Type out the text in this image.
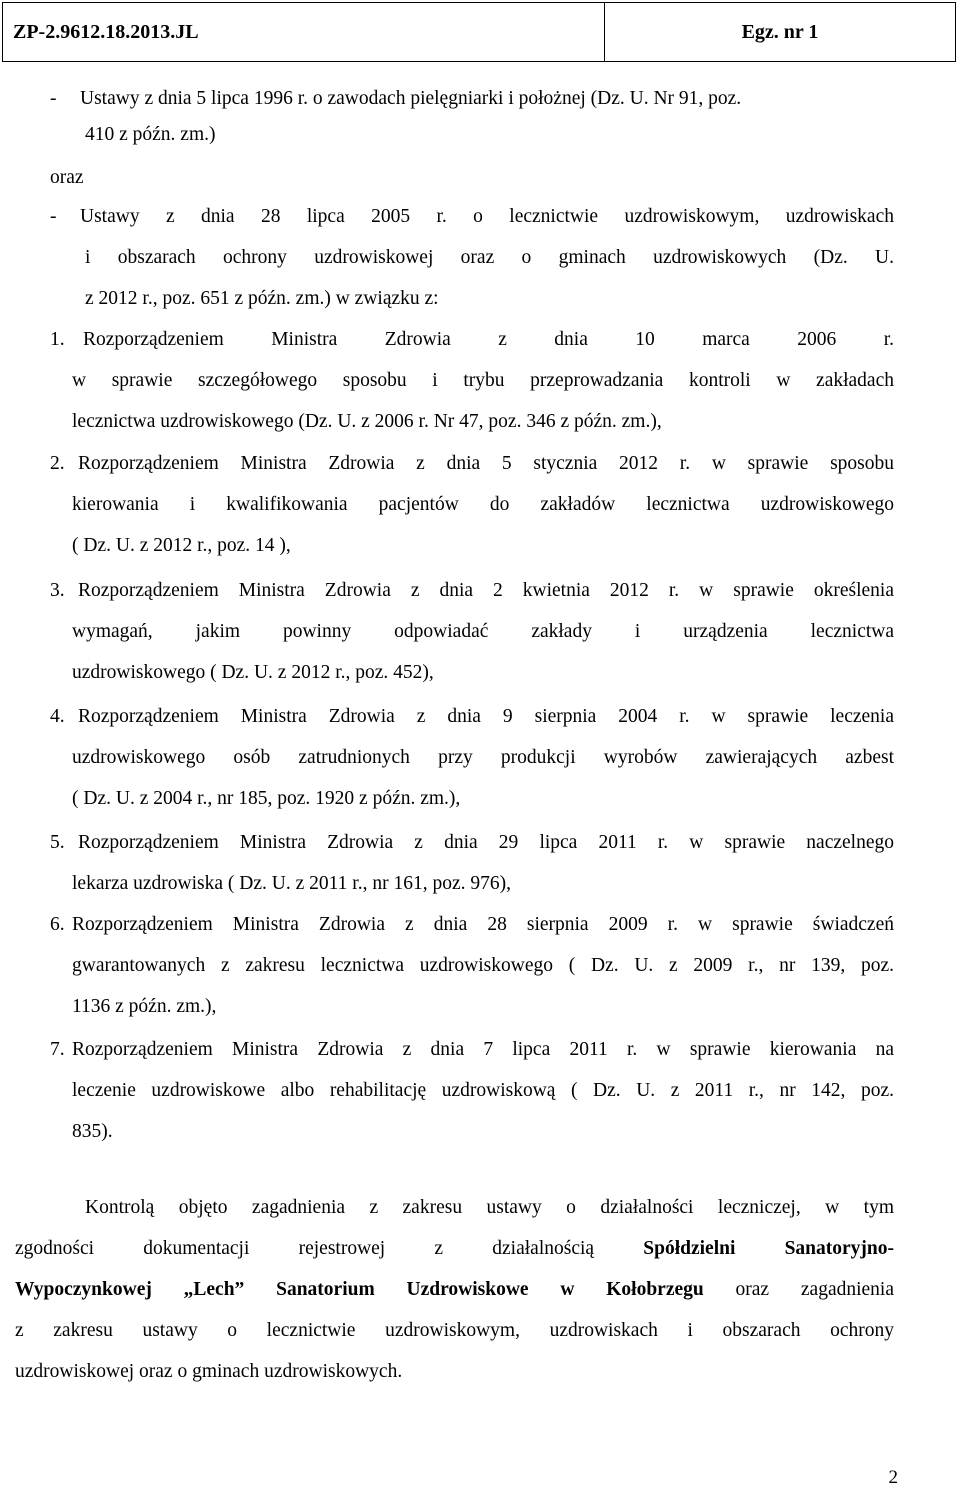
ZP-2.9612.18.2013.JL	Egz. nr 1
- Ustawy z dnia 5 lipca 1996 r. o zawodach pielęgniarki i położnej (Dz. U. Nr 91, poz.
410 z późn. zm.)
oraz
- Ustawy z dnia 28 lipca 2005 r. o lecznictwie uzdrowiskowym, uzdrowiskach
i obszarach ochrony uzdrowiskowej oraz o gminach uzdrowiskowych (Dz. U.
z 2012 r., poz. 651 z późn. zm.) w związku z:
1. Rozporządzeniem Ministra Zdrowia z dnia 10 marca 2006 r.
w sprawie szczegółowego sposobu i trybu przeprowadzania kontroli w zakładach
lecznictwa uzdrowiskowego (Dz. U. z 2006 r. Nr 47, poz. 346 z późn. zm.),
2. Rozporządzeniem Ministra Zdrowia z dnia 5 stycznia 2012 r. w sprawie sposobu
kierowania i kwalifikowania pacjentów do zakładów lecznictwa uzdrowiskowego
( Dz. U. z 2012 r., poz. 14 ),
3. Rozporządzeniem Ministra Zdrowia z dnia 2 kwietnia 2012 r. w sprawie określenia
wymagań, jakim powinny odpowiadać zakłady i urządzenia lecznictwa
uzdrowiskowego ( Dz. U. z 2012 r., poz. 452),
4. Rozporządzeniem Ministra Zdrowia z dnia 9 sierpnia 2004 r. w sprawie leczenia
uzdrowiskowego osób zatrudnionych przy produkcji wyrobów zawierających azbest
( Dz. U. z 2004 r., nr 185, poz. 1920 z późn. zm.),
5. Rozporządzeniem Ministra Zdrowia z dnia 29 lipca 2011 r. w sprawie naczelnego
lekarza uzdrowiska ( Dz. U. z 2011 r., nr 161, poz. 976),
6. Rozporządzeniem Ministra Zdrowia z dnia 28 sierpnia 2009 r. w sprawie świadczeń
gwarantowanych z zakresu lecznictwa uzdrowiskowego ( Dz. U. z 2009 r., nr 139, poz.
1136 z późn. zm.),
7. Rozporządzeniem Ministra Zdrowia z dnia 7 lipca 2011 r. w sprawie kierowania na
leczenie uzdrowiskowe albo rehabilitację uzdrowiskową ( Dz. U. z 2011 r., nr 142, poz.
835).
Kontrolą objęto zagadnienia z zakresu ustawy o działalności leczniczej, w tym
zgodności dokumentacji rejestrowej z działalnością	Spółdzielni Sanatoryjno-
Wypoczynkowej „Lech” Sanatorium Uzdrowiskowe w Kołobrzegu oraz zagadnienia
z zakresu ustawy o lecznictwie uzdrowiskowym, uzdrowiskach i obszarach ochrony
uzdrowiskowej oraz o gminach uzdrowiskowych.
2
